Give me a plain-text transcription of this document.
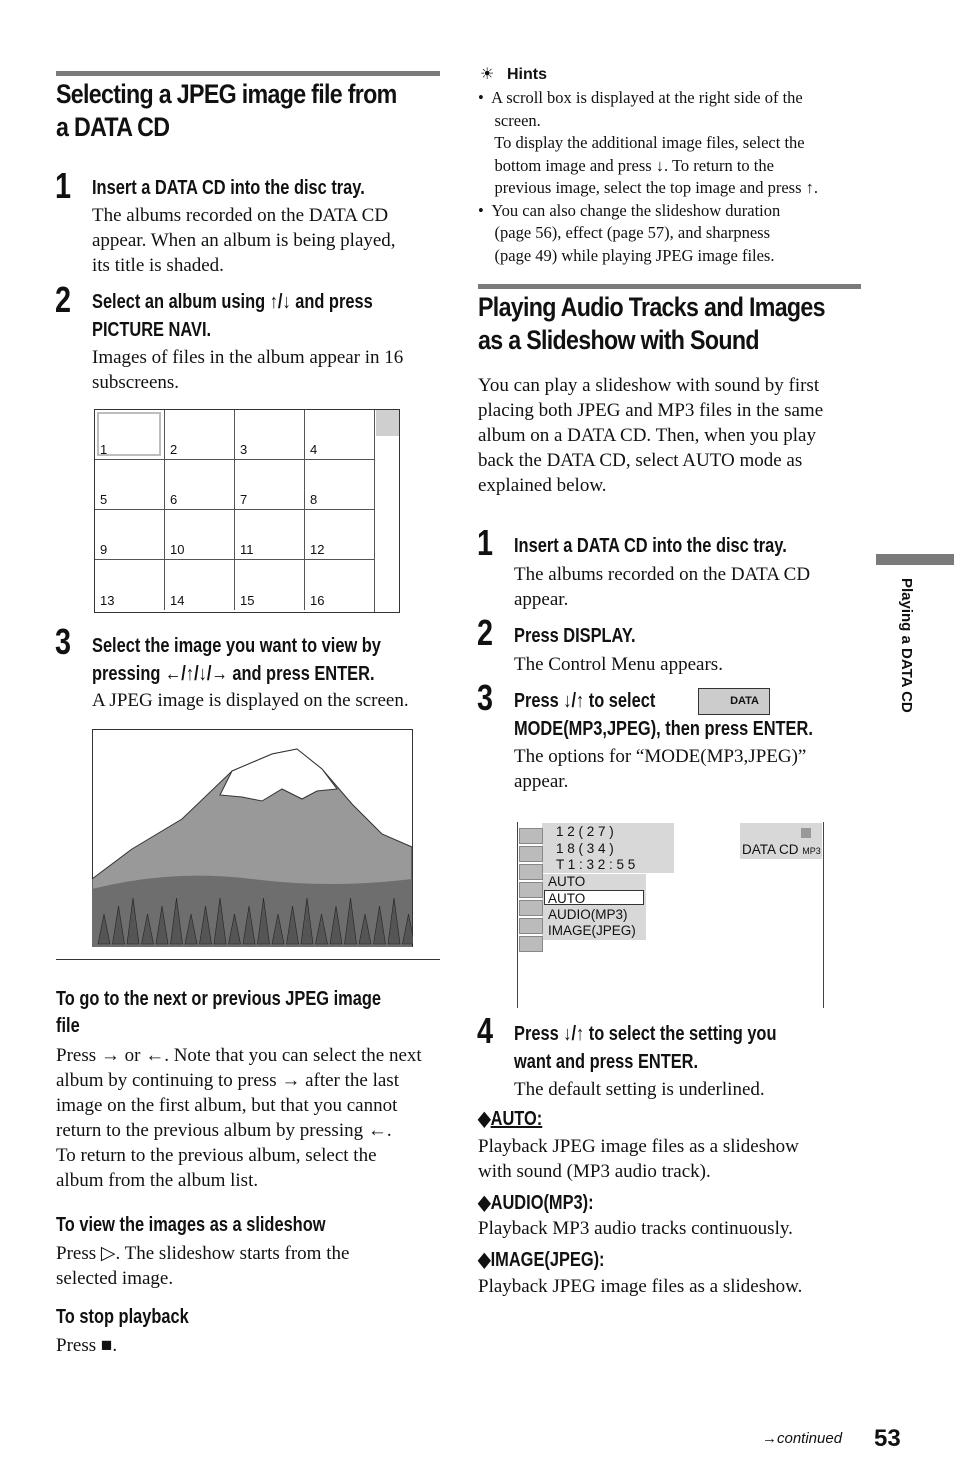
Selecting a JPEG image file from
a DATA CD
1 Insert a DATA CD into the disc tray.
The albums recorded on the DATA CD
appear. When an album is being played,
its title is shaded.
2 Select an album using ↑/↓ and press
PICTURE NAVI.
Images of files in the album appear in 16
subscreens.
1	2	3	4
5	6	7	8
9	10	11	12
13	14	15	16
3 Select the image you want to view by
pressing ←/↑/↓/→ and press ENTER.
A JPEG image is displayed on the screen.
To go to the next or previous JPEG image
file
Press → or ←. Note that you can select the next
album by continuing to press → after the last
image on the first album, but that you cannot
return to the previous album by pressing ←.
To return to the previous album, select the
album from the album list.
To view the images as a slideshow
Press ▷. The slideshow starts from the
selected image.
To stop playback
Press ■.
☀ Hints
•  A scroll box is displayed at the right side of the
screen.
To display the additional image files, select the
bottom image and press ↓. To return to the
previous image, select the top image and press ↑.
•  You can also change the slideshow duration
(page 56), effect (page 57), and sharpness
(page 49) while playing JPEG image files.
Playing Audio Tracks and Images
as a Slideshow with Sound
You can play a slideshow with sound by first
placing both JPEG and MP3 files in the same
album on a DATA CD. Then, when you play
back the DATA CD, select AUTO mode as
explained below.
1 Insert a DATA CD into the disc tray.
The albums recorded on the DATA CD
appear.
2 Press DISPLAY.
The Control Menu appears.
3 Press ↓/↑ to select
MODE(MP3,JPEG), then press ENTER.
DATA
The options for “MODE(MP3,JPEG)”
appear.
1 2 ( 2 7 )
1 8 ( 3 4 )
T 1 : 3 2 : 5 5
DATA CD MP3
AUTO
AUTO
AUDIO(MP3)
IMAGE(JPEG)
4 Press ↓/↑ to select the setting you
want and press ENTER.
The default setting is underlined.
◆AUTO:
Playback JPEG image files as a slideshow
with sound (MP3 audio track).
◆AUDIO(MP3):
Playback MP3 audio tracks continuously.
◆IMAGE(JPEG):
Playback JPEG image files as a slideshow.
Playing a DATA CD
→continued 53
